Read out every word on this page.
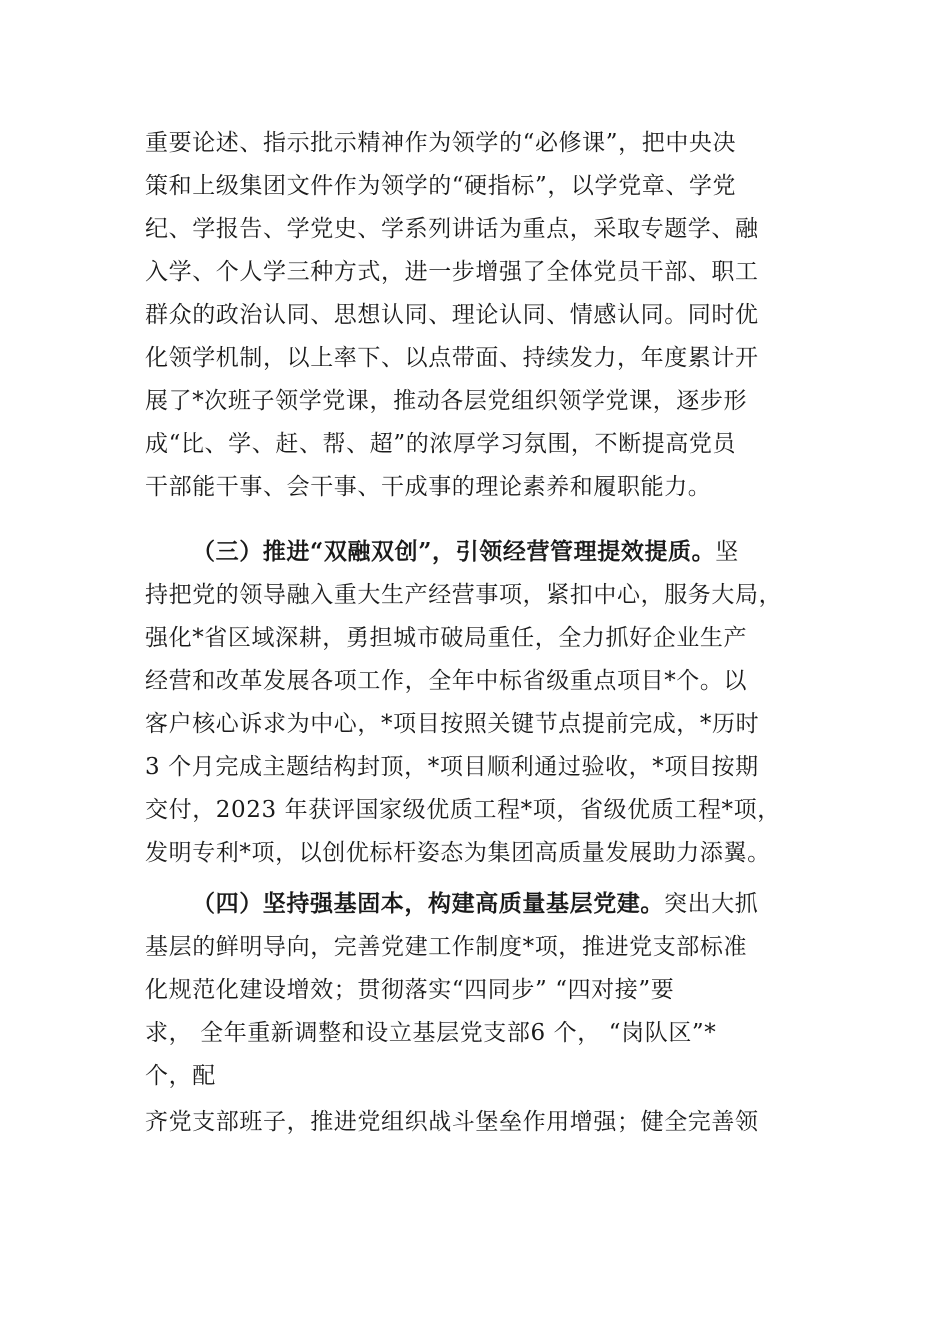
重要论述、指示批示精神作为领学的“必修课”，把中央决
策和上级集团文件作为领学的“硬指标”，以学党章、学党
纪、学报告、学党史、学系列讲话为重点，采取专题学、融
入学、个人学三种方式，进一步增强了全体党员干部、职工
群众的政治认同、思想认同、理论认同、情感认同。同时优
化领学机制，以上率下、以点带面、持续发力，年度累计开
展了*次班子领学党课，推动各层党组织领学党课，逐步形
成“比、学、赶、帮、超”的浓厚学习氛围，不断提高党员
干部能干事、会干事、干成事的理论素养和履职能力。
（三）推进“双融双创”，引领经营管理提效提质。坚
持把党的领导融入重大生产经营事项，紧扣中心，服务大局，
强化*省区域深耕，勇担城市破局重任，全力抓好企业生产
经营和改革发展各项工作，全年中标省级重点项目*个。以
客户核心诉求为中心，*项目按照关键节点提前完成，*历时
3 个月完成主题结构封顶，*项目顺利通过验收，*项目按期
交付，2023 年获评国家级优质工程*项，省级优质工程*项，
发明专利*项，以创优标杆姿态为集团高质量发展助力添翼。
（四）坚持强基固本，构建高质量基层党建。突出大抓
基层的鲜明导向，完善党建工作制度*项，推进党支部标准
化规范化建设增效；贯彻落实“四同步” “四对接”要
求， 全年重新调整和设立基层党支部6 个， “岗队区”*
个，配
齐党支部班子，推进党组织战斗堡垒作用增强；健全完善领
